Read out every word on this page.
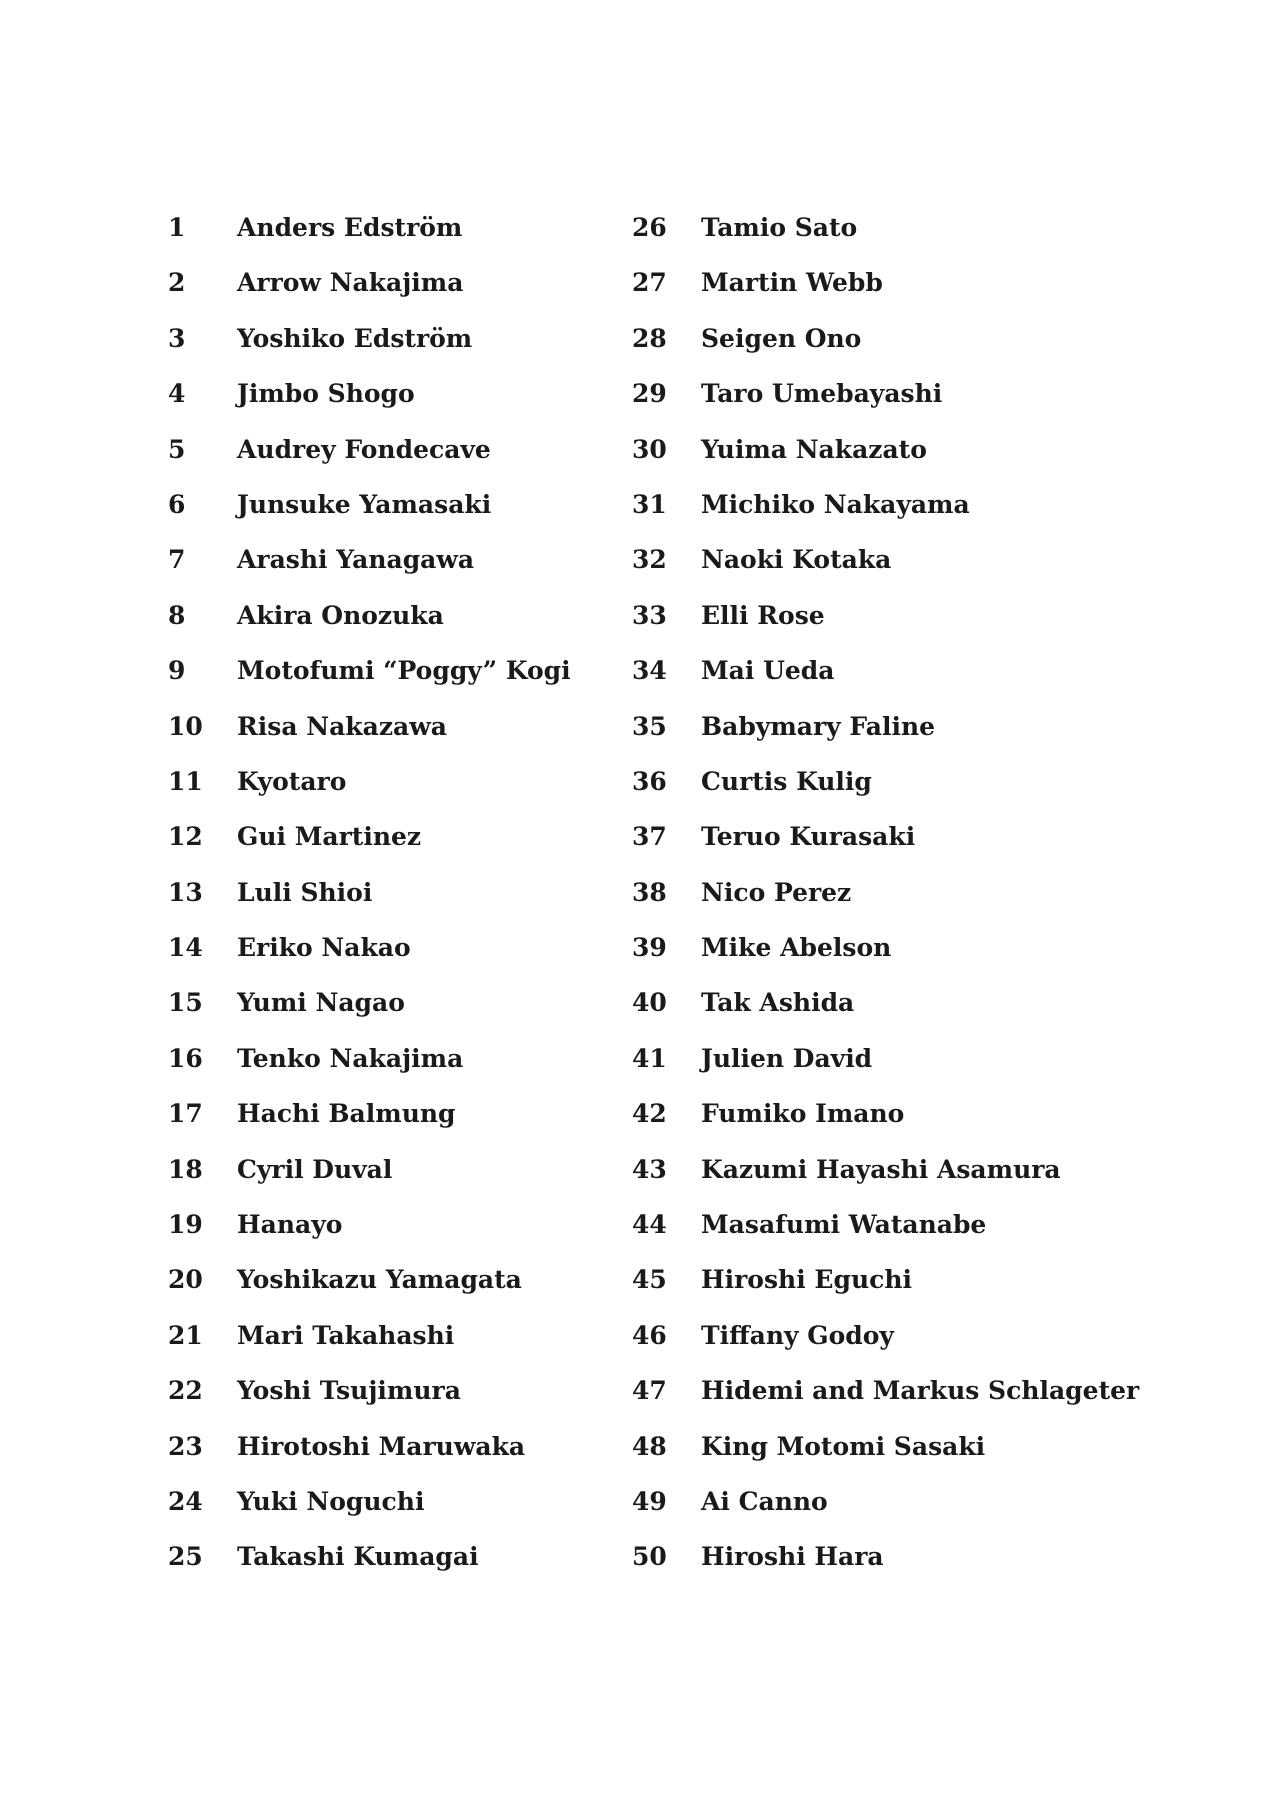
1	Anders Edström
2	Arrow Nakajima
3	Yoshiko Edström
4	Jimbo Shogo
5	Audrey Fondecave
6	Junsuke Yamasaki
7	Arashi Yanagawa
8	Akira Onozuka
9	Motofumi “Poggy” Kogi
10	Risa Nakazawa
11	Kyotaro
12	Gui Martinez
13	Luli Shioi
14	Eriko Nakao
15	Yumi Nagao
16	Tenko Nakajima
17	Hachi Balmung
18	Cyril Duval
19	Hanayo
20	Yoshikazu Yamagata
21	Mari Takahashi
22	Yoshi Tsujimura
23	Hirotoshi Maruwaka
24	Yuki Noguchi
25	Takashi Kumagai
26	Tamio Sato
27	Martin Webb
28	Seigen Ono
29	Taro Umebayashi
30	Yuima Nakazato
31	Michiko Nakayama
32	Naoki Kotaka
33	Elli Rose
34	Mai Ueda
35	Babymary Faline
36	Curtis Kulig
37	Teruo Kurasaki
38	Nico Perez
39	Mike Abelson
40	Tak Ashida
41	Julien David
42	Fumiko Imano
43	Kazumi Hayashi Asamura
44	Masafumi Watanabe
45	Hiroshi Eguchi
46	Tiffany Godoy
47	Hidemi and Markus Schlageter
48	King Motomi Sasaki
49	Ai Canno
50	Hiroshi Hara
